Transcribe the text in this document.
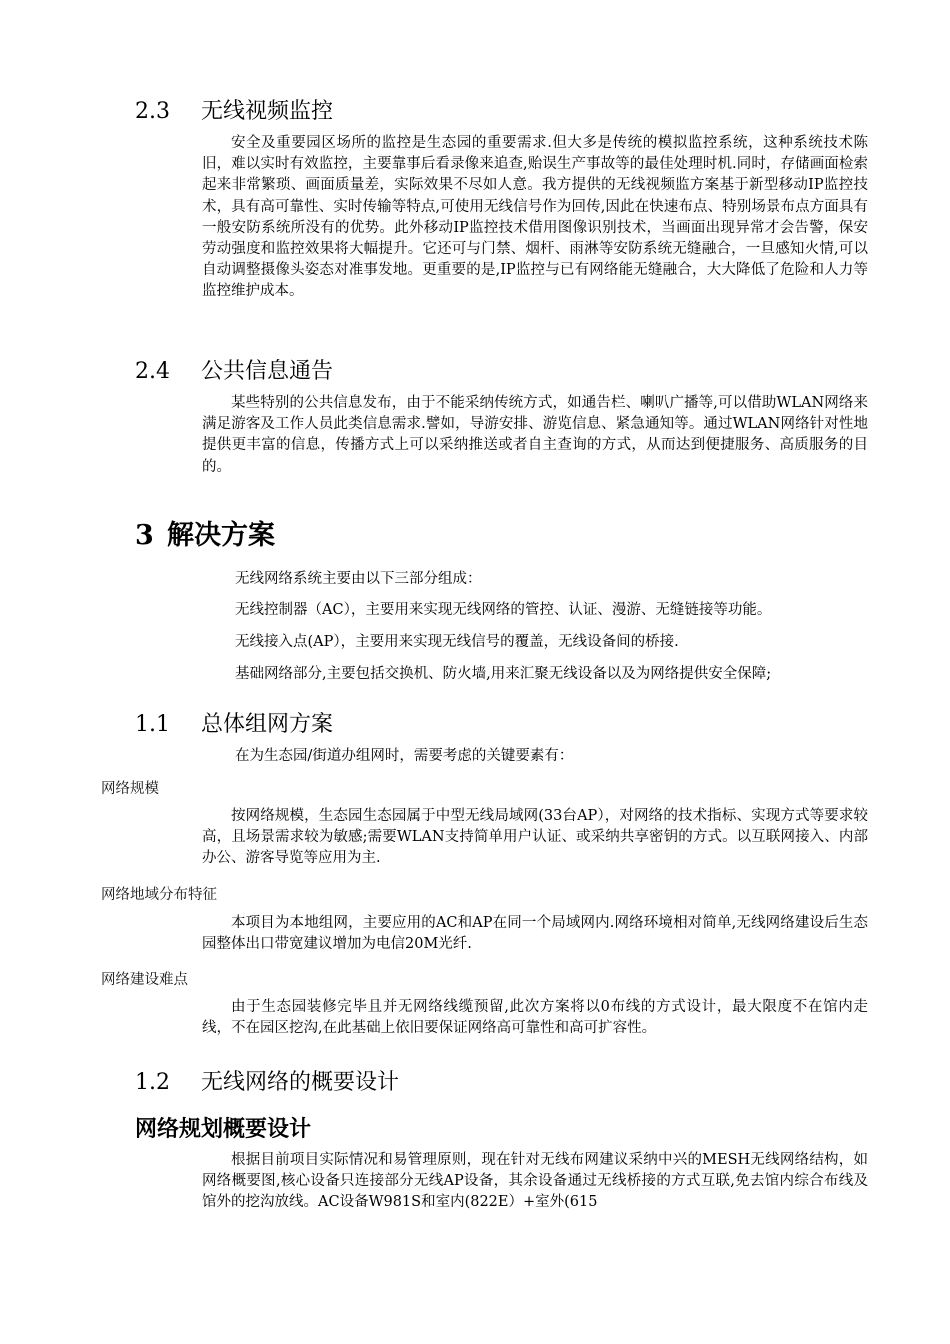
2.3 无线视频监控

安全及重要园区场所的监控是生态园的重要需求.但大多是传统的模拟监控系统，这种系统技术陈旧，难以实时有效监控，主要靠事后看录像来追查,贻误生产事故等的最佳处理时机.同时，存储画面检索起来非常繁琐、画面质量差，实际效果不尽如人意。我方提供的无线视频监方案基于新型移动IP监控技术，具有高可靠性、实时传输等特点,可使用无线信号作为回传,因此在快速布点、特别场景布点方面具有一般安防系统所没有的优势。此外移动IP监控技术借用图像识别技术，当画面出现异常才会告警，保安劳动强度和监控效果将大幅提升。它还可与门禁、烟杆、雨淋等安防系统无缝融合，一旦感知火情,可以自动调整摄像头姿态对准事发地。更重要的是,IP监控与已有网络能无缝融合，大大降低了危险和人力等监控维护成本。

2.4 公共信息通告

某些特别的公共信息发布，由于不能采纳传统方式，如通告栏、喇叭广播等,可以借助WLAN网络来满足游客及工作人员此类信息需求.譬如，导游安排、游览信息、紧急通知等。通过WLAN网络针对性地提供更丰富的信息，传播方式上可以采纳推送或者自主查询的方式，从而达到便捷服务、高质服务的目的。

3 解决方案

无线网络系统主要由以下三部分组成：

无线控制器（AC），主要用来实现无线网络的管控、认证、漫游、无缝链接等功能。

无线接入点(AP），主要用来实现无线信号的覆盖，无线设备间的桥接.

基础网络部分,主要包括交换机、防火墙,用来汇聚无线设备以及为网络提供安全保障;

1.1 总体组网方案

在为生态园/街道办组网时，需要考虑的关键要素有：

网络规模

按网络规模，生态园生态园属于中型无线局域网(33台AP），对网络的技术指标、实现方式等要求较高，且场景需求较为敏感;需要WLAN支持简单用户认证、或采纳共享密钥的方式。以互联网接入、内部办公、游客导览等应用为主.

网络地域分布特征

本项目为本地组网，主要应用的AC和AP在同一个局域网内.网络环境相对简单,无线网络建设后生态园整体出口带宽建议增加为电信20M光纤.

网络建设难点

由于生态园装修完毕且并无网络线缆预留,此次方案将以0布线的方式设计，最大限度不在馆内走线，不在园区挖沟,在此基础上依旧要保证网络高可靠性和高可扩容性。

1.2 无线网络的概要设计
网络规划概要设计

根据目前项目实际情况和易管理原则，现在针对无线布网建议采纳中兴的MESH无线网络结构，如网络概要图,核心设备只连接部分无线AP设备，其余设备通过无线桥接的方式互联,免去馆内综合布线及馆外的挖沟放线。AC设备W981S和室内(822E）+室外(615
